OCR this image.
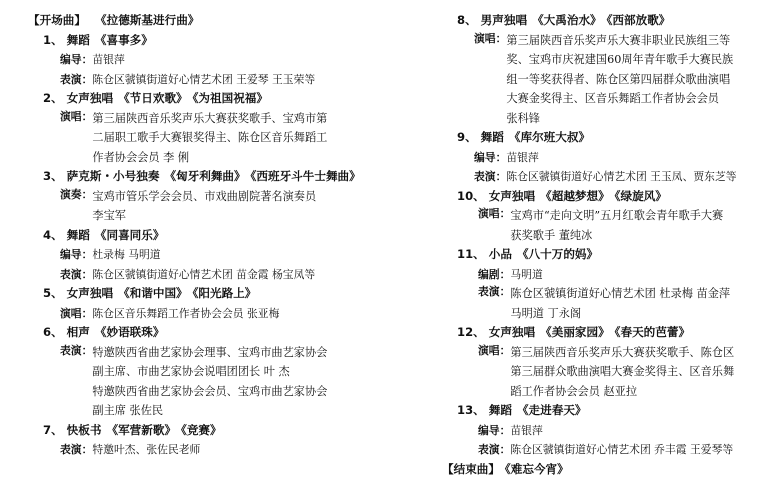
【开场曲】 《拉德斯基进行曲》
1、 舞蹈 《喜事多》
编导： 苗银萍
表演： 陈仓区虢镇街道好心情艺术团 王爱琴 王玉荣等
2、 女声独唱 《节日欢歌》 《为祖国祝福》
演唱： 第三届陕西音乐奖声乐大赛获奖歌手、宝鸡市第
二届职工歌手大赛银奖得主、陈仓区音乐舞蹈工
作者协会会员 李 俐
3、 萨克斯・小号独奏 《匈牙利舞曲》 《西班牙斗牛士舞曲》
演奏： 宝鸡市管乐学会会员、市戏曲剧院著名演奏员
李宝军
4、 舞蹈 《同喜同乐》
编导： 杜录梅 马明道
表演： 陈仓区虢镇街道好心情艺术团 苗金霞 杨宝凤等
5、 女声独唱 《和谐中国》 《阳光路上》
演唱： 陈仓区音乐舞蹈工作者协会会员 张亚梅
6、 相声 《妙语联珠》
表演： 特邀陕西省曲艺家协会理事、宝鸡市曲艺家协会
副主席、市曲艺家协会说唱团团长 叶 杰
特邀陕西省曲艺家协会会员、宝鸡市曲艺家协会
副主席 张佐民
7、 快板书 《军营新歌》 《竞赛》
表演： 特邀叶杰、张佐民老师
8、 男声独唱 《大禹治水》 《西部放歌》
演唱： 第三届陕西音乐奖声乐大赛非职业民族组三等
奖、宝鸡市庆祝建国60周年青年歌手大赛民族
组一等奖获得者、陈仓区第四届群众歌曲演唱
大赛金奖得主、区音乐舞蹈工作者协会会员
张科锋
9、 舞蹈 《库尔班大叔》
编导： 苗银萍
表演： 陈仓区虢镇街道好心情艺术团 王玉凤、贾东芝等
10、 女声独唱 《超越梦想》 《绿旋风》
演唱： 宝鸡市“走向文明”五月红歌会青年歌手大赛
获奖歌手 董纯冰
11、 小品 《八十万的妈》
编剧： 马明道
表演： 陈仓区虢镇街道好心情艺术团 杜录梅 苗金萍
马明道 丁永阁
12、 女声独唱 《美丽家园》 《春天的芭蕾》
演唱： 第三届陕西音乐奖声乐大赛获奖歌手、陈仓区
第三届群众歌曲演唱大赛金奖得主、区音乐舞
蹈工作者协会会员 赵亚拉
13、 舞蹈 《走进春天》
编导： 苗银萍
表演： 陈仓区虢镇街道好心情艺术团 乔丰霞 王爱琴等
【结束曲】 《难忘今宵》
